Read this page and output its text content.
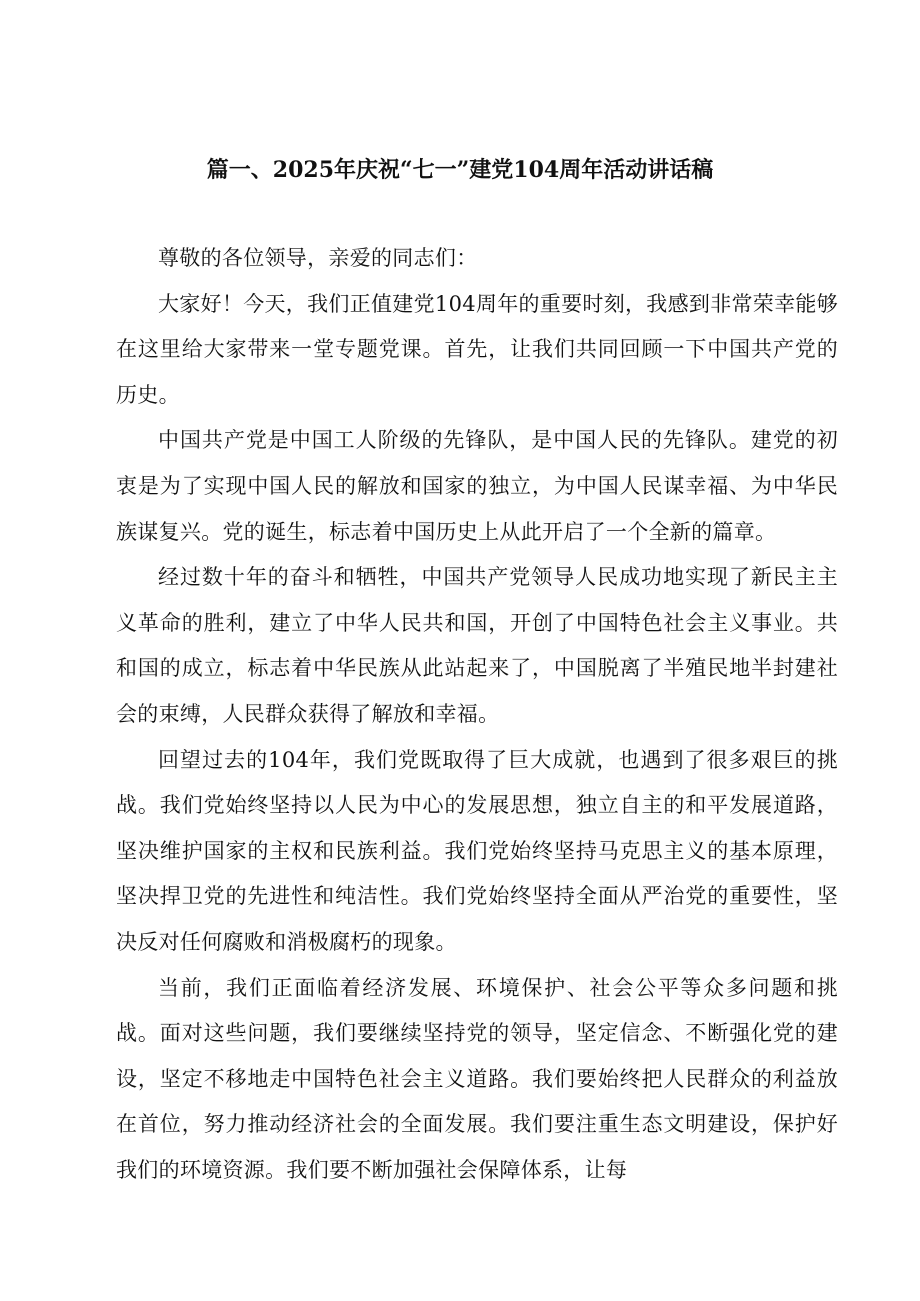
篇一、2025年庆祝“七一”建党104周年活动讲话稿

尊敬的各位领导，亲爱的同志们：

大家好！今天，我们正值建党104周年的重要时刻，我感到非常荣幸能够在这里给大家带来一堂专题党课。首先，让我们共同回顾一下中国共产党的历史。

中国共产党是中国工人阶级的先锋队，是中国人民的先锋队。建党的初衷是为了实现中国人民的解放和国家的独立，为中国人民谋幸福、为中华民族谋复兴。党的诞生，标志着中国历史上从此开启了一个全新的篇章。

经过数十年的奋斗和牺牲，中国共产党领导人民成功地实现了新民主主义革命的胜利，建立了中华人民共和国，开创了中国特色社会主义事业。共和国的成立，标志着中华民族从此站起来了，中国脱离了半殖民地半封建社会的束缚，人民群众获得了解放和幸福。

回望过去的104年，我们党既取得了巨大成就，也遇到了很多艰巨的挑战。我们党始终坚持以人民为中心的发展思想，独立自主的和平发展道路，坚决维护国家的主权和民族利益。我们党始终坚持马克思主义的基本原理，坚决捍卫党的先进性和纯洁性。我们党始终坚持全面从严治党的重要性，坚决反对任何腐败和消极腐朽的现象。

当前，我们正面临着经济发展、环境保护、社会公平等众多问题和挑战。面对这些问题，我们要继续坚持党的领导，坚定信念、不断强化党的建设，坚定不移地走中国特色社会主义道路。我们要始终把人民群众的利益放在首位，努力推动经济社会的全面发展。我们要注重生态文明建设，保护好我们的环境资源。我们要不断加强社会保障体系，让每
